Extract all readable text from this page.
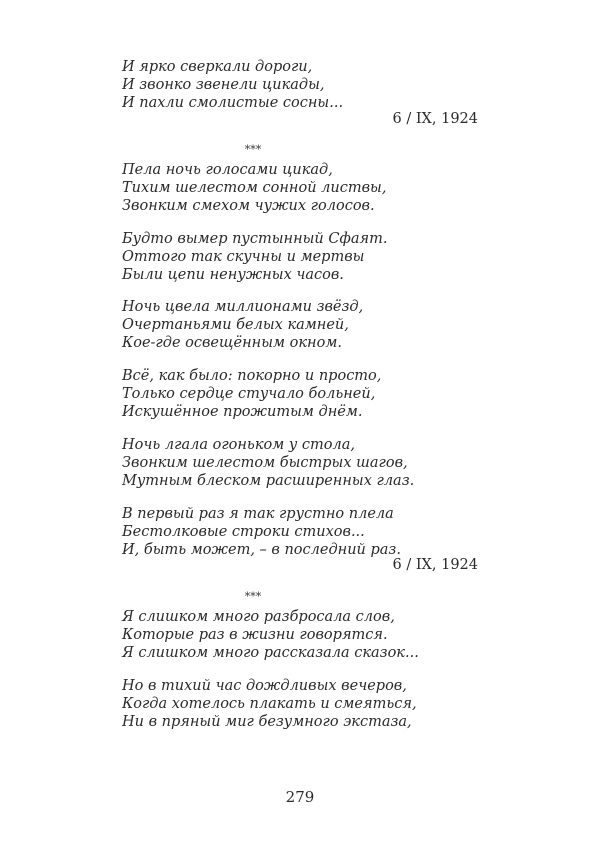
И ярко сверкали дороги,
И звонко звенели цикады,
И пахли смолистые сосны...
6 / IX, 1924
***
Пела ночь голосами цикад,
Тихим шелестом сонной листвы,
Звонким смехом чужих голосов.
Будто вымер пустынный Сфаят.
Оттого так скучны и мертвы
Были цепи ненужных часов.
Ночь цвела миллионами звёзд,
Очертаньями белых камней,
Кое-где освещённым окном.
Всё, как было: покорно и просто,
Только сердце стучало больней,
Искушённое прожитым днём.
Ночь лгала огоньком у стола,
Звонким шелестом быстрых шагов,
Мутным блеском расширенных глаз.
В первый раз я так грустно плела
Бестолковые строки стихов...
И, быть может, – в последний раз.
6 / IX, 1924
***
Я слишком много разбросала слов,
Которые раз в жизни говорятся.
Я слишком много рассказала сказок...
Но в тихий час дождливых вечеров,
Когда хотелось плакать и смеяться,
Ни в пряный миг безумного экстаза,
279
